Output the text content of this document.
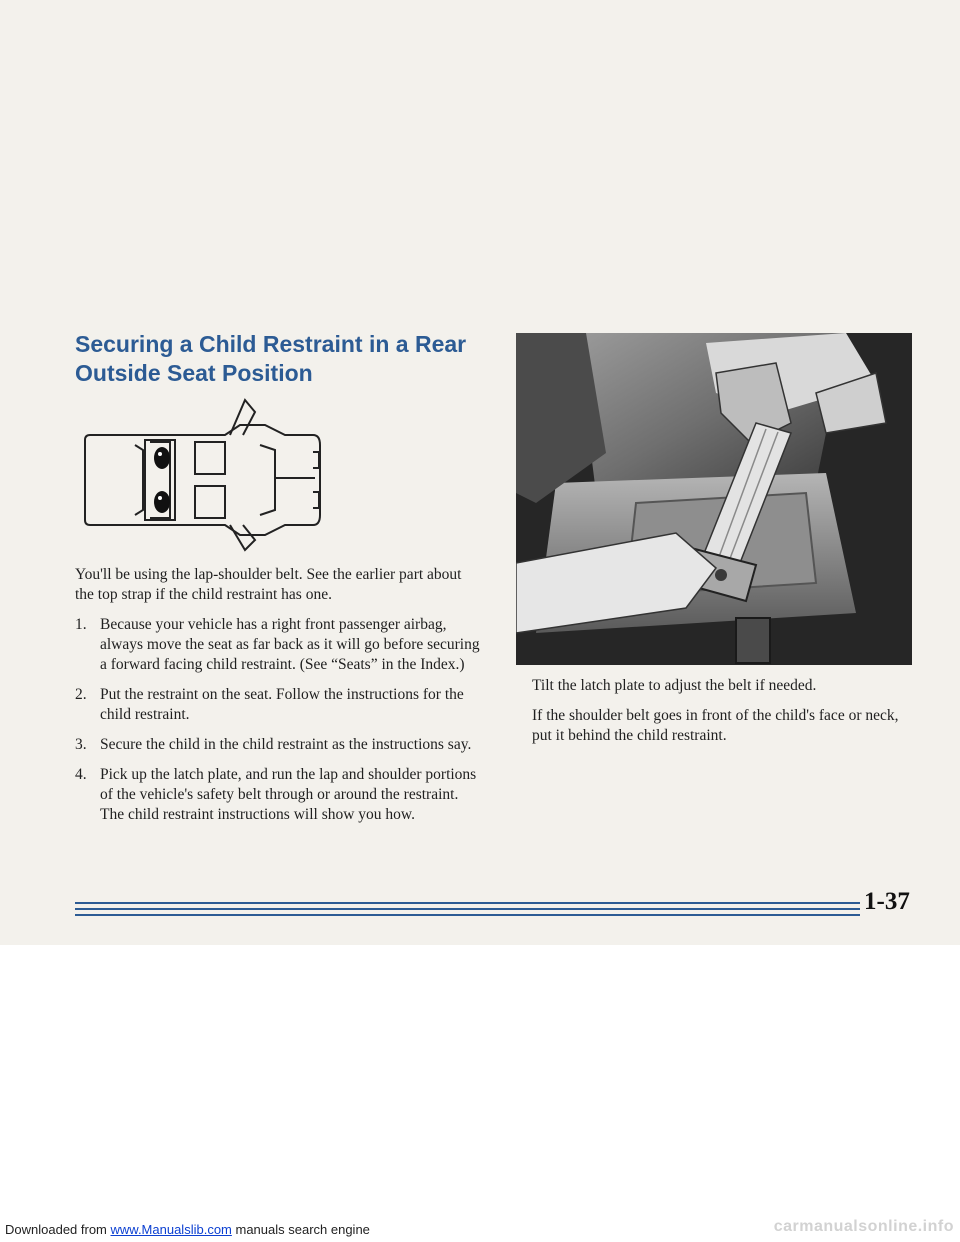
Securing a Child Restraint in a Rear
Outside Seat Position

You'll be using the lap-shoulder belt. See the earlier part about the top strap if the child restraint has one.

1. Because your vehicle has a right front passenger airbag, always move the seat as far back as it will go before securing a forward facing child restraint. (See “Seats” in the Index.)
2. Put the restraint on the seat. Follow the instructions for the child restraint.
3. Secure the child in the child restraint as the instructions say.
4. Pick up the latch plate, and run the lap and shoulder portions of the vehicle's safety belt through or around the restraint. The child restraint instructions will show you how.

Tilt the latch plate to adjust the belt if needed.

If the shoulder belt goes in front of the child's face or neck, put it behind the child restraint.

1-37
Downloaded from www.Manualslib.com manuals search engine	carmanualsonline.info
